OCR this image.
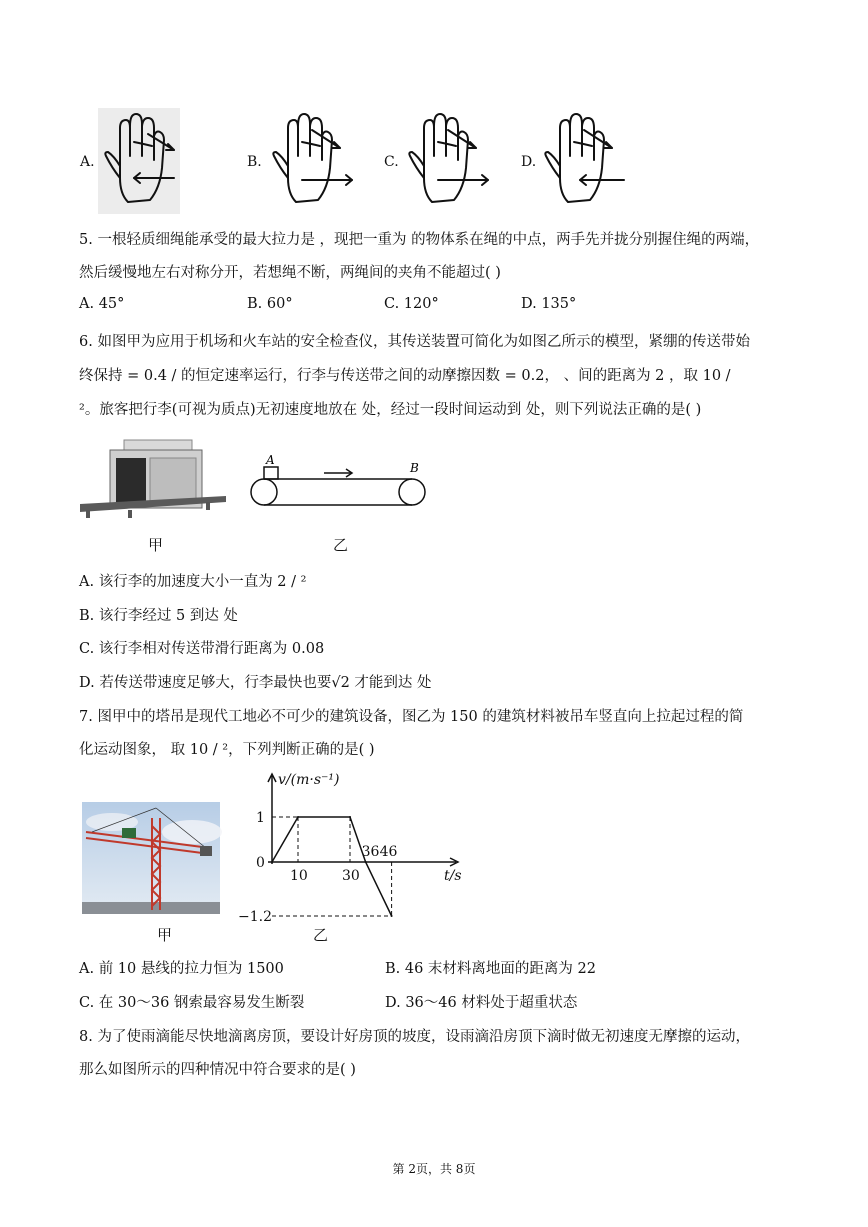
A.	B.	C.	D.
5. 一根轻质细绳能承受的最大拉力是 ，现把一重为 的物体系在绳的中点，两手先并拢分别握住绳的两端，
然后缓慢地左右对称分开，若想绳不断，两绳间的夹角不能超过( )
A. 45°	B. 60°	C. 120°	D. 135°
6. 如图甲为应用于机场和火车站的安全检查仪，其传送装置可简化为如图乙所示的模型，紧绷的传送带始
终保持 = 0.4 / 的恒定速率运行，行李与传送带之间的动摩擦因数 = 0.2， 、间的距离为 2 ，取 10 /
²。旅客把行李(可视为质点)无初速度地放在 处，经过一段时间运动到 处，则下列说法正确的是( )
A
B
甲	乙
A. 该行李的加速度大小一直为 2 / ²
B. 该行李经过 5 到达 处
C. 该行李相对传送带滑行距离为 0.08
D. 若传送带速度足够大，行李最快也要√2 才能到达 处
7. 图甲中的塔吊是现代工地必不可少的建筑设备，图乙为 150 的建筑材料被吊车竖直向上拉起过程的简
化运动图象， 取 10 / ²，下列判断正确的是( )
10 30
36 46
1
0
−1.2
v/(m·s⁻¹)
t/s
甲	乙
A. 前 10 悬线的拉力恒为 1500	B. 46 末材料离地面的距离为 22
C. 在 30～36 钢索最容易发生断裂	D. 36～46 材料处于超重状态
8. 为了使雨滴能尽快地滴离房顶，要设计好房顶的坡度，设雨滴沿房顶下滴时做无初速度无摩擦的运动，
那么如图所示的四种情况中符合要求的是( )
第 2页，共 8页
